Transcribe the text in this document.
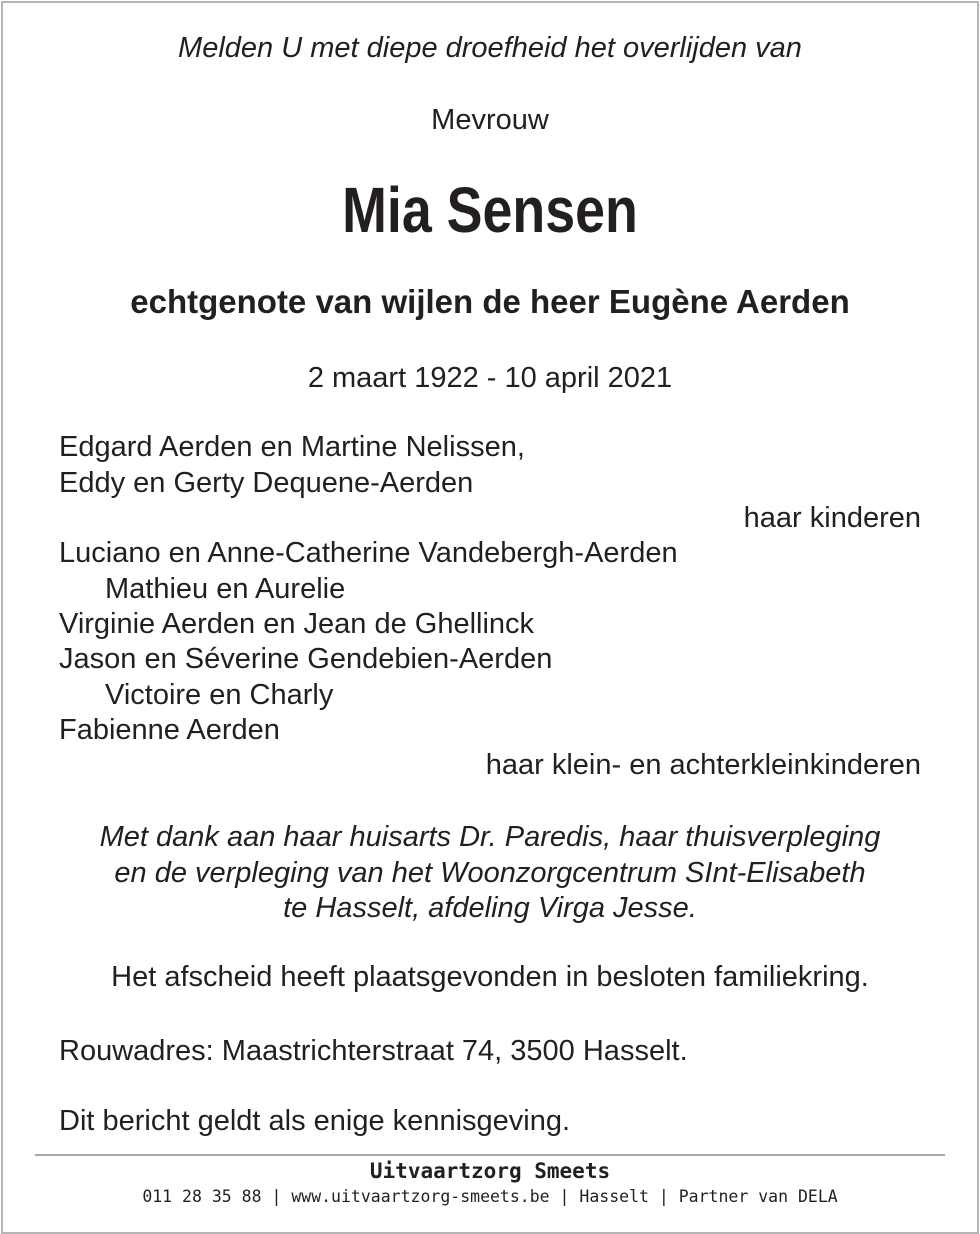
Melden U met diepe droefheid het overlijden van
Mevrouw
Mia Sensen
echtgenote van wijlen de heer Eugène Aerden
2 maart 1922 - 10 april 2021
Edgard Aerden en Martine Nelissen,
Eddy en Gerty Dequene-Aerden
haar kinderen
Luciano en Anne-Catherine Vandebergh-Aerden
Mathieu en Aurelie
Virginie Aerden en Jean de Ghellinck
Jason en Séverine Gendebien-Aerden
Victoire en Charly
Fabienne Aerden
haar klein- en achterkleinkinderen
Met dank aan haar huisarts Dr. Paredis, haar thuisverpleging
en de verpleging van het Woonzorgcentrum SInt-Elisabeth
te Hasselt, afdeling Virga Jesse.
Het afscheid heeft plaatsgevonden in besloten familiekring.
Rouwadres: Maastrichterstraat 74, 3500 Hasselt.
Dit bericht geldt als enige kennisgeving.
Uitvaartzorg Smeets
011 28 35 88 | www.uitvaartzorg-smeets.be | Hasselt | Partner van DELA
